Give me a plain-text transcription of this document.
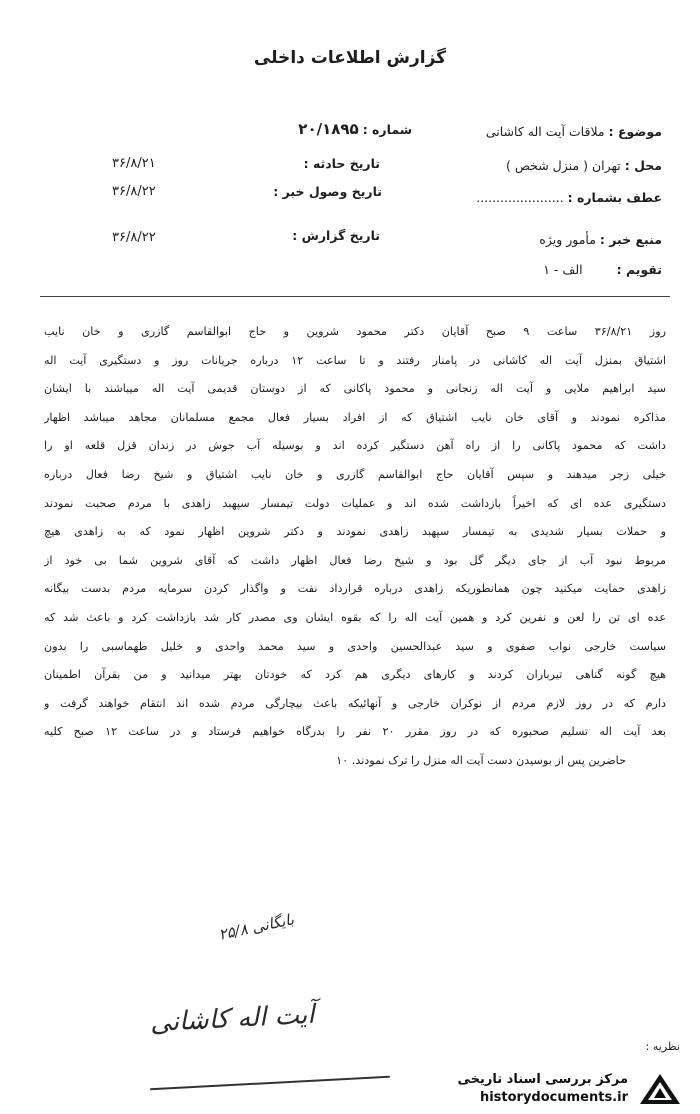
گزارش اطلاعات داخلی
شماره : ۲۰/۱۸۹۵	موضوع : ملاقات آیت اله کاشانی
محل : تهران ( منزل شخص )
عطف بشماره : ......................
منبع خبر : مأمور ویژه
تقویم : الف - ۱
تاریخ حادثه :
تاریخ وصول خبر :
تاریخ گزارش :
۳۶/۸/۲۱
۳۶/۸/۲۲
۳۶/۸/۲۲
روز ۳۶/۸/۲۱ ساعت ۹ صبح آقایان دکتر محمود شروین و حاج ابوالقاسم گازری و خان نایب
اشتیاق بمنزل آیت اله کاشانی در پامنار رفتند و تا ساعت ۱۲ درباره جریانات روز و دستگیری آیت اله
سید ابراهیم ملایی و آیت اله زنجانی و محمود پاکانی که از دوستان قدیمی آیت اله میباشند با ایشان
مذاکره نمودند و آقای خان نایب اشتیاق که از افراد بسیار فعال مجمع مسلمانان مجاهد میباشد اظهار
داشت که محمود پاکانی را از راه آهن دستگیر کرده اند و بوسیله آب جوش در زندان قزل قلعه او را
خیلی زجر میدهند و سپس آقایان حاج ابوالقاسم گازری و خان نایب اشتیاق و شیخ رضا فعال درباره
دستگیری عده ای که اخیراً بازداشت شده اند و عملیات دولت تیمسار سپهبد زاهدی با مردم صحبت نمودند
و حملات بسیار شدیدی به تیمسار سپهبد زاهدی نمودند و دکتر شروین اظهار نمود که به زاهدی هیچ
مربوط نبود آب از جای دیگر گل بود و شیخ رضا فعال اظهار داشت که آقای شروین شما بی خود از
زاهدی حمایت میکنید چون همانطوریکه زاهدی درباره قرارداد نفت و واگذار کردن سرمایه مردم بدست بیگانه
عده ای تن را لعن و نفرین کرد و همین آیت اله را که بقوه ایشان وی مصدر کار شد بازداشت کرد و باعث شد که
سیاست خارجی نواب صفوی و سید عبدالحسین واحدی و سید محمد واحدی و خلیل طهماسبی را بدون
هیچ گونه گناهی تیرباران کردند و کارهای دیگری هم کرد که خودتان بهتر میدانید و من بقرآن اطمینان
دارم که در روز لازم مردم از نوکران خارجی و آنهائیکه باعث بیچارگی مردم شده اند انتقام خواهند گرفت و
بعد آیت اله تسلیم صحبوره که در روز مقرر ۲۰ نفر را بدرگاه خواهیم فرستاد و در ساعت ۱۲ صبح کلیه
حاضرین پس از بوسیدن دست آیت اله منزل را ترک نمودند. ۱۰
بایگانی ۲۵/۸
آیت اله کاشانی
نظریه :
مرکز بررسی اسناد تاریخی
historydocuments.ir
